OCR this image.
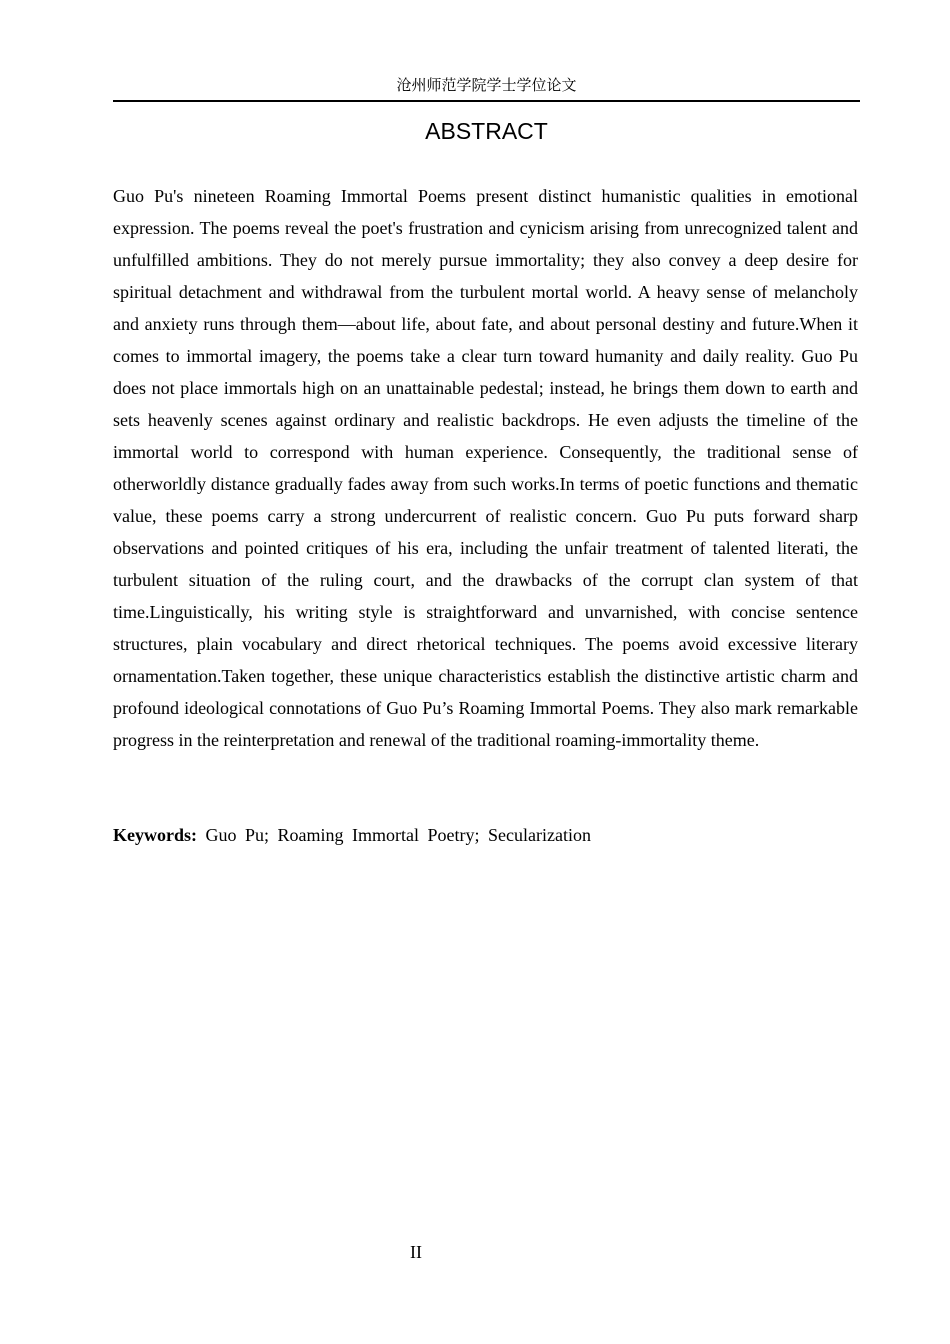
沧州师范学院学士学位论文
ABSTRACT

Guo Pu's nineteen Roaming Immortal Poems present distinct humanistic qualities in emotional expression. The poems reveal the poet's frustration and cynicism arising from unrecognized talent and unfulfilled ambitions. They do not merely pursue immortality; they also convey a deep desire for spiritual detachment and withdrawal from the turbulent mortal world. A heavy sense of melancholy and anxiety runs through them—about life, about fate, and about personal destiny and future.When it comes to immortal imagery, the poems take a clear turn toward humanity and daily reality. Guo Pu does not place immortals high on an unattainable pedestal; instead, he brings them down to earth and sets heavenly scenes against ordinary and realistic backdrops. He even adjusts the timeline of the immortal world to correspond with human experience. Consequently, the traditional sense of otherworldly distance gradually fades away from such works.In terms of poetic functions and thematic value, these poems carry a strong undercurrent of realistic concern. Guo Pu puts forward sharp observations and pointed critiques of his era, including the unfair treatment of talented literati, the turbulent situation of the ruling court, and the drawbacks of the corrupt clan system of that time.Linguistically, his writing style is straightforward and unvarnished, with concise sentence structures, plain vocabulary and direct rhetorical techniques. The poems avoid excessive literary ornamentation.Taken together, these unique characteristics establish the distinctive artistic charm and profound ideological connotations of Guo Pu’s Roaming Immortal Poems. They also mark remarkable progress in the reinterpretation and renewal of the traditional roaming-immortality theme.

Keywords: Guo Pu; Roaming Immortal Poetry; Secularization

II
